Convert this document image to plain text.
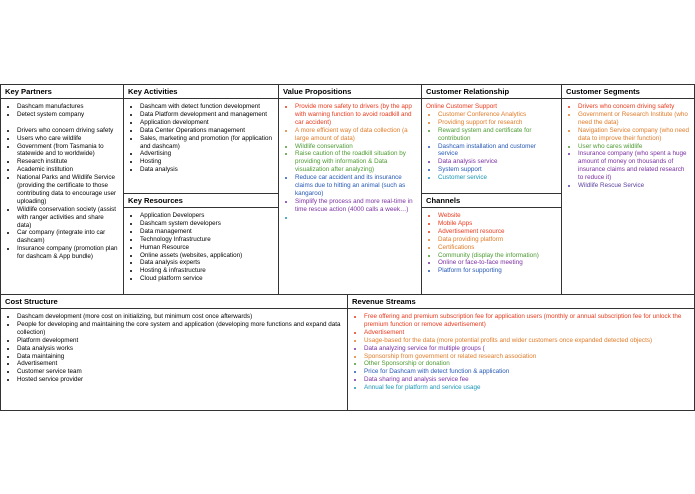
Key Partners
• Dashcam manufactures
• Detect system company
• Drivers who concern driving safety
• Users who care wildlife
• Government (from Tasmania to statewide and to worldwide)
• Research institute
• Academic institution
• National Parks and Wildlife Service (providing the certificate to those contributing data to encourage user uploading)
• Wildlife conservation society (assist with ranger activities and share data)
• Car company (integrate into car dashcam)
• Insurance company (promotion plan for dashcam & App bundle)
Key Activities
• Dashcam with detect function development
• Data Platform development and management
• Application development
• Data Center Operations management
• Sales, marketing and promotion (for application and dashcam)
• Advertising
• Hosting
• Data analysis
Key Resources
• Application Developers
• Dashcam system developers
• Data management
• Technology Infrastructure
• Human Resource
• Online assets (websites, application)
• Data analysis experts
• Hosting & infrastructure
• Cloud platform service
Value Propositions
• Provide more safety to drivers (by the app with warning function to avoid roadkill and car accident)
• A more efficient way of data collection (a large amount of data)
• Wildlife conservation
• Raise caution of the roadkill situation by providing with information & Data visualization after analyzing)
• Reduce car accident and its insurance claims due to hitting an animal (such as kangaroo)
• Simplify the process and more real-time in time rescue action (4000 calls a week…)
•
Customer Relationship

Online Customer Support

• Customer Conference Analytics
• Providing support for research
• Reward system and certificate for contribution
• Dashcam installation and customer service
• Data analysis service
• System support
• Customer service
Channels
• Website
• Mobile Apps
• Advertisement resource
• Data providing platform
• Certifications
• Community (display the information)
• Online or face-to-face meeting
• Platform for supporting
Customer Segments
• Drivers who concern driving safety
• Government or Research Institute (who need the data)
• Navigation Service company (who need data to improve their function)
• User who cares wildlife
• Insurance company (who spent a huge amount of money on thousands of insurance claims and related research to reduce it)
• Wildlife Rescue Service
Cost Structure
• Dashcam development (more cost on initializing, but minimum cost once afterwards)
• People for developing and maintaining the core system and application (developing more functions and expand data collection)
• Platform development
• Data analysis works
• Data maintaining
• Advertisement
• Customer service team
• Hosted service provider
Revenue Streams
• Free offering and premium subscription fee for application users (monthly or annual subscription fee for unlock the premium function or remove advertisement)
• Advertisement
• Usage-based for the data (more potential profits and wider customers once expanded detected objects)
• Data analyzing service for multiple groups (
• Sponsorship from government or related research association
• Other Sponsorship or donation
• Price for Dashcam with detect function & application
• Data sharing and analysis service fee
• Annual fee for platform and service usage
